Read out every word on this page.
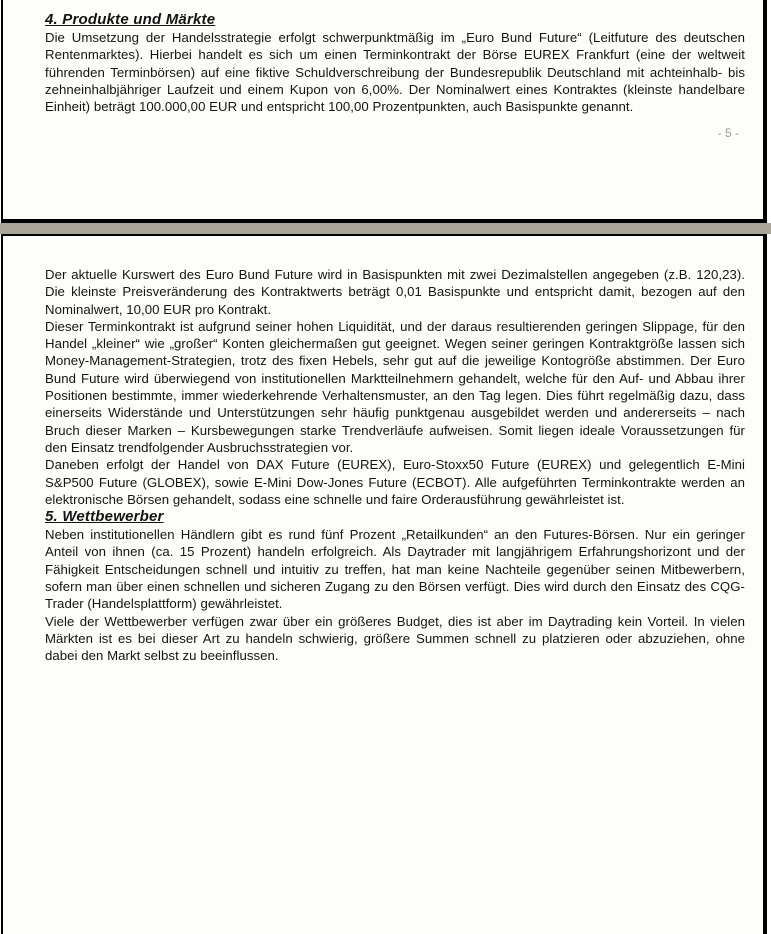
4. Produkte und Märkte

Die Umsetzung der Handelsstrategie erfolgt schwerpunktmäßig im „Euro Bund Future“ (Leitfuture des deutschen Rentenmarktes). Hierbei handelt es sich um einen Terminkontrakt der Börse EUREX Frankfurt (eine der weltweit führenden Terminbörsen) auf eine fiktive Schuldverschreibung der Bundesrepublik Deutschland mit achteinhalb- bis zehneinhalbjähriger Laufzeit und einem Kupon von 6,00%. Der Nominalwert eines Kontraktes (kleinste handelbare Einheit) beträgt 100.000,00 EUR und entspricht 100,00 Prozentpunkten, auch Basispunkte genannt.

- 5 -

Der aktuelle Kurswert des Euro Bund Future wird in Basispunkten mit zwei Dezimalstellen angegeben (z.B. 120,23). Die kleinste Preisveränderung des Kontraktwerts beträgt 0,01 Basispunkte und entspricht damit, bezogen auf den Nominalwert, 10,00 EUR pro Kontrakt.

Dieser Terminkontrakt ist aufgrund seiner hohen Liquidität, und der daraus resultierenden geringen Slippage, für den Handel „kleiner“ wie „großer“ Konten gleichermaßen gut geeignet. Wegen seiner geringen Kontraktgröße lassen sich Money-Management-Strategien, trotz des fixen Hebels, sehr gut auf die jeweilige Kontogröße abstimmen. Der Euro Bund Future wird überwiegend von institutionellen Marktteilnehmern gehandelt, welche für den Auf- und Abbau ihrer Positionen bestimmte, immer wiederkehrende Verhaltensmuster, an den Tag legen. Dies führt regelmäßig dazu, dass einerseits Widerstände und Unterstützungen sehr häufig punktgenau ausgebildet werden und andererseits – nach Bruch dieser Marken – Kursbewegungen starke Trendverläufe aufweisen. Somit liegen ideale Voraussetzungen für den Einsatz trendfolgender Ausbruchsstrategien vor.

Daneben erfolgt der Handel von DAX Future (EUREX), Euro-Stoxx50 Future (EUREX) und gelegentlich E-Mini S&P500 Future (GLOBEX), sowie E-Mini Dow-Jones Future (ECBOT). Alle aufgeführten Terminkontrakte werden an elektronische Börsen gehandelt, sodass eine schnelle und faire Orderausführung gewährleistet ist.

5. Wettbewerber

Neben institutionellen Händlern gibt es rund fünf Prozent „Retailkunden“ an den Futures-Börsen. Nur ein geringer Anteil von ihnen (ca. 15 Prozent) handeln erfolgreich. Als Daytrader mit langjährigem Erfahrungshorizont und der Fähigkeit Entscheidungen schnell und intuitiv zu treffen, hat man keine Nachteile gegenüber seinen Mitbewerbern, sofern man über einen schnellen und sicheren Zugang zu den Börsen verfügt. Dies wird durch den Einsatz des CQG-Trader (Handelsplattform) gewährleistet.

Viele der Wettbewerber verfügen zwar über ein größeres Budget, dies ist aber im Daytrading kein Vorteil. In vielen Märkten ist es bei dieser Art zu handeln schwierig, größere Summen schnell zu platzieren oder abzuziehen, ohne dabei den Markt selbst zu beeinflussen.
